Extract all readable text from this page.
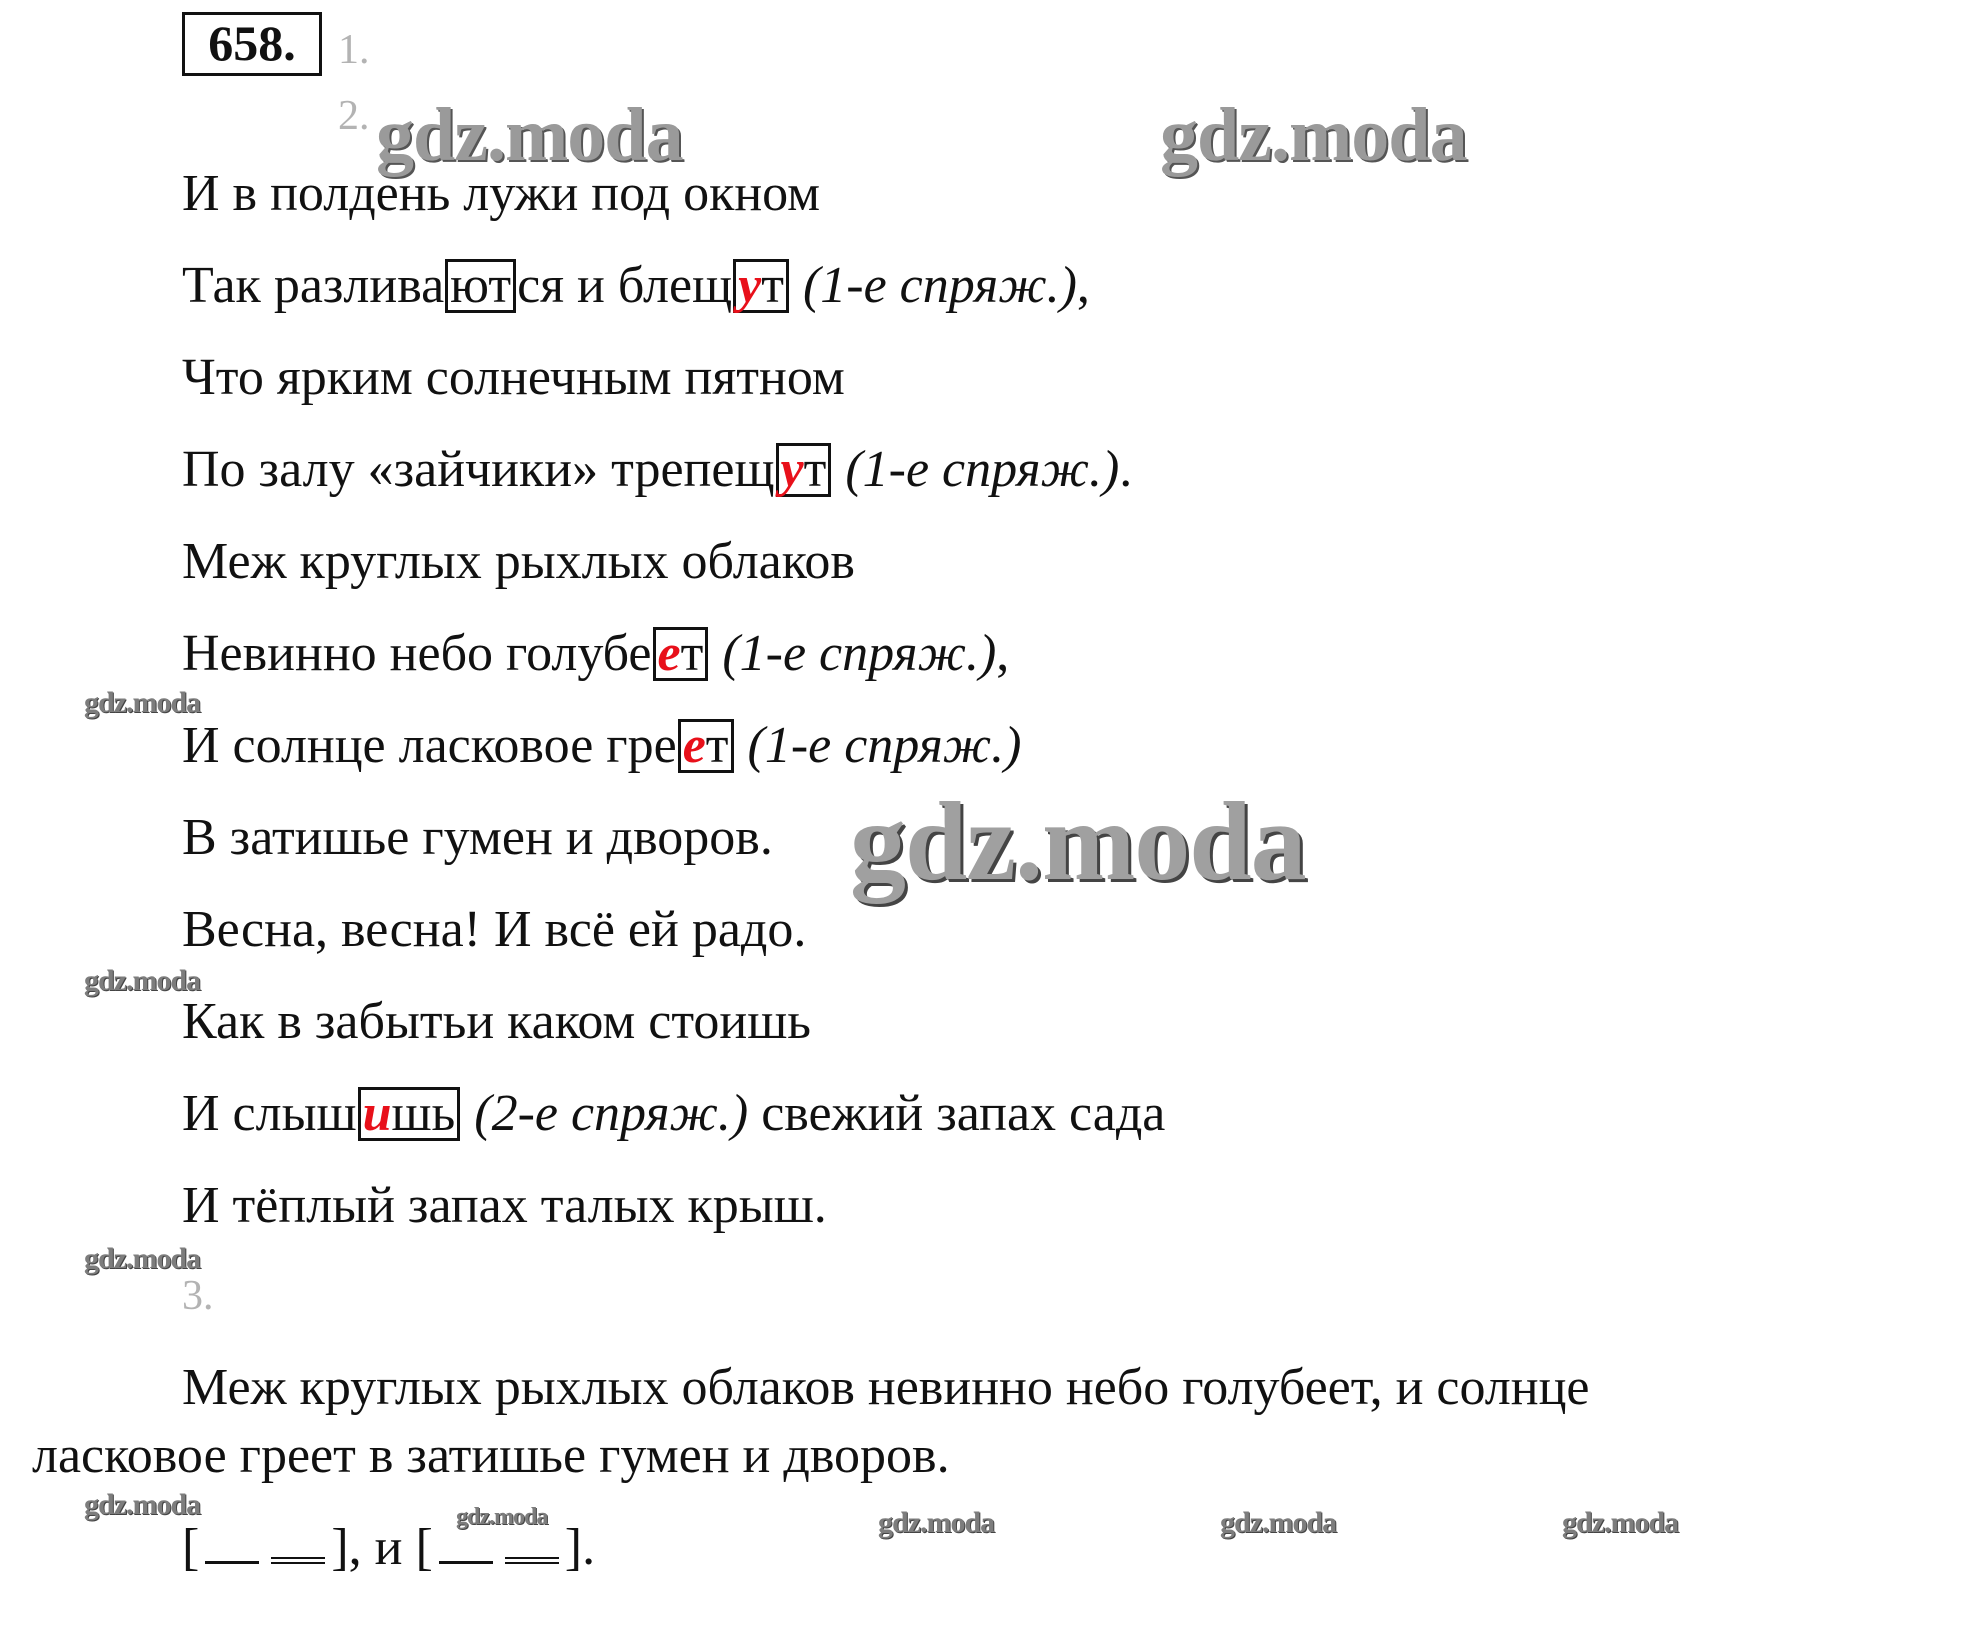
658.	1.
2.
И в полдень лужи под окном
Так разлива ют ся и блещ ут (1-е спряж.),
Что ярким солнечным пятном
По залу «зайчики» трепещ ут (1-е спряж.).
Меж круглых рыхлых облаков
Невинно небо голубе ет (1-е спряж.),
И солнце ласковое гре ет (1-е спряж.)
В затишье гумен и дворов.
Весна, весна! И всё ей радо.
Как в забытьи каком стоишь
И слыш ишь (2-е спряж.) свежий запах сада
И тёплый запах талых крыш.
3.
Меж круглых рыхлых облаков невинно небо голубеет, и солнце
ласковое греет в затишье гумен и дворов.
[	], и [	].
gdz.moda	gdz.moda
gdz.moda
gdz.moda
gdz.moda
gdz.moda
gdz.moda	gdz.moda	gdz.moda	gdz.moda	gdz.moda
